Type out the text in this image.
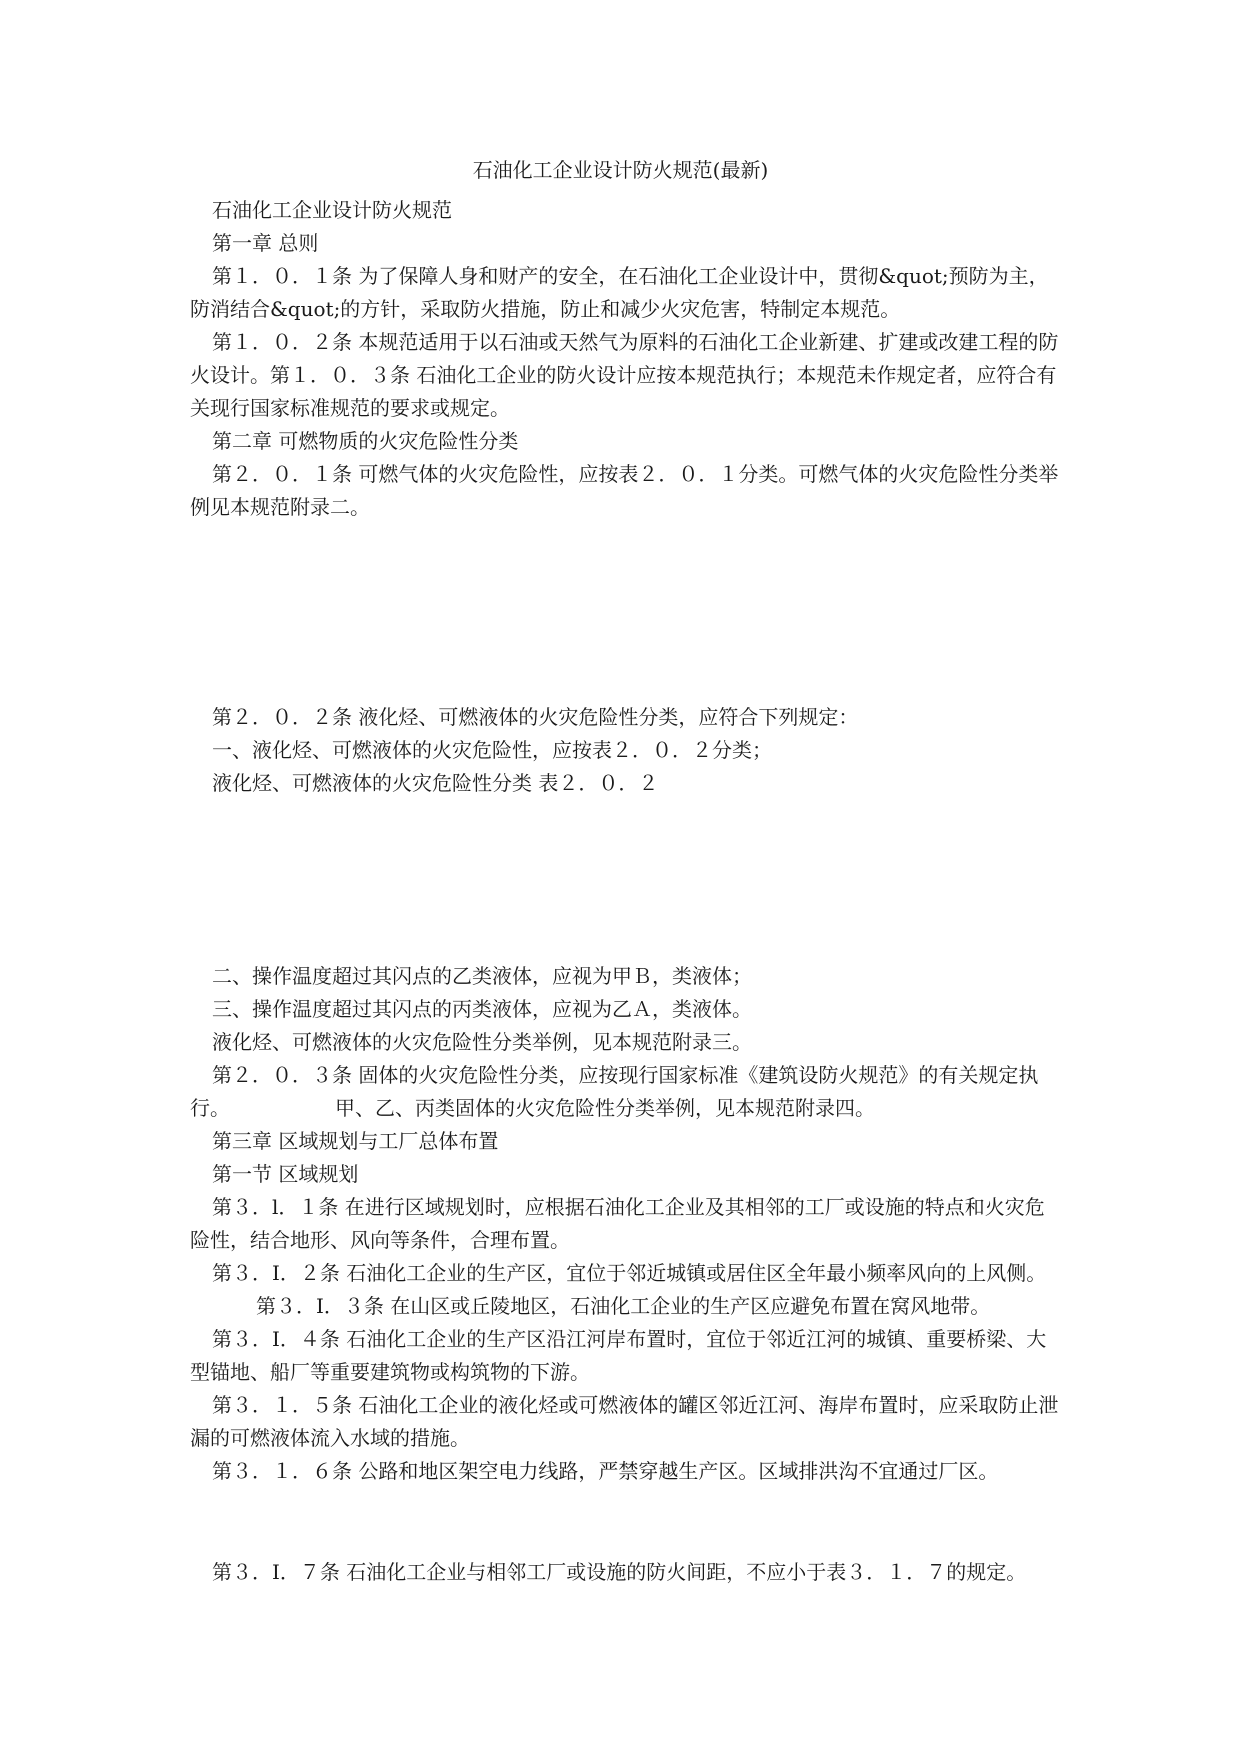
石油化工企业设计防火规范(最新)

石油化工企业设计防火规范

第一章 总则

第１．０．１条 为了保障人身和财产的安全，在石油化工企业设计中，贯彻&quot;预防为主，防消结合&quot;的方针，采取防火措施，防止和减少火灾危害，特制定本规范。

第１．０．２条 本规范适用于以石油或天然气为原料的石油化工企业新建、扩建或改建工程的防火设计。第１．０．３条 石油化工企业的防火设计应按本规范执行；本规范未作规定者，应符合有关现行国家标准规范的要求或规定。

第二章 可燃物质的火灾危险性分类

第２．０．１条 可燃气体的火灾危险性，应按表２．０．１分类。可燃气体的火灾危险性分类举例见本规范附录二。

第２．０．２条 液化烃、可燃液体的火灾危险性分类，应符合下列规定：

一、液化烃、可燃液体的火灾危险性，应按表２．０．２分类；

液化烃、可燃液体的火灾危险性分类 表２．０．２

二、操作温度超过其闪点的乙类液体，应视为甲Ｂ，类液体；

三、操作温度超过其闪点的丙类液体，应视为乙Ａ，类液体。

液化烃、可燃液体的火灾危险性分类举例，见本规范附录三。

第２．０．３条 固体的火灾危险性分类，应按现行国家标准《建筑设防火规范》的有关规定执行。	甲、乙、丙类固体的火灾危险性分类举例，见本规范附录四。

第三章 区域规划与工厂总体布置

第一节 区域规划

第３．l．１条 在进行区域规划时，应根据石油化工企业及其相邻的工厂或设施的特点和火灾危险性，结合地形、风向等条件，合理布置。

第３．I．２条 石油化工企业的生产区，宜位于邻近城镇或居住区全年最小频率风向的上风侧。第３．I．３条 在山区或丘陵地区，石油化工企业的生产区应避免布置在窝风地带。

第３．I．４条 石油化工企业的生产区沿江河岸布置时，宜位于邻近江河的城镇、重要桥梁、大型锚地、船厂等重要建筑物或构筑物的下游。

第３．１．５条 石油化工企业的液化烃或可燃液体的罐区邻近江河、海岸布置时，应采取防止泄漏的可燃液体流入水域的措施。

第３．１．６条 公路和地区架空电力线路，严禁穿越生产区。区域排洪沟不宜通过厂区。

第３．I．７条 石油化工企业与相邻工厂或设施的防火间距，不应小于表３．１．７的规定。
